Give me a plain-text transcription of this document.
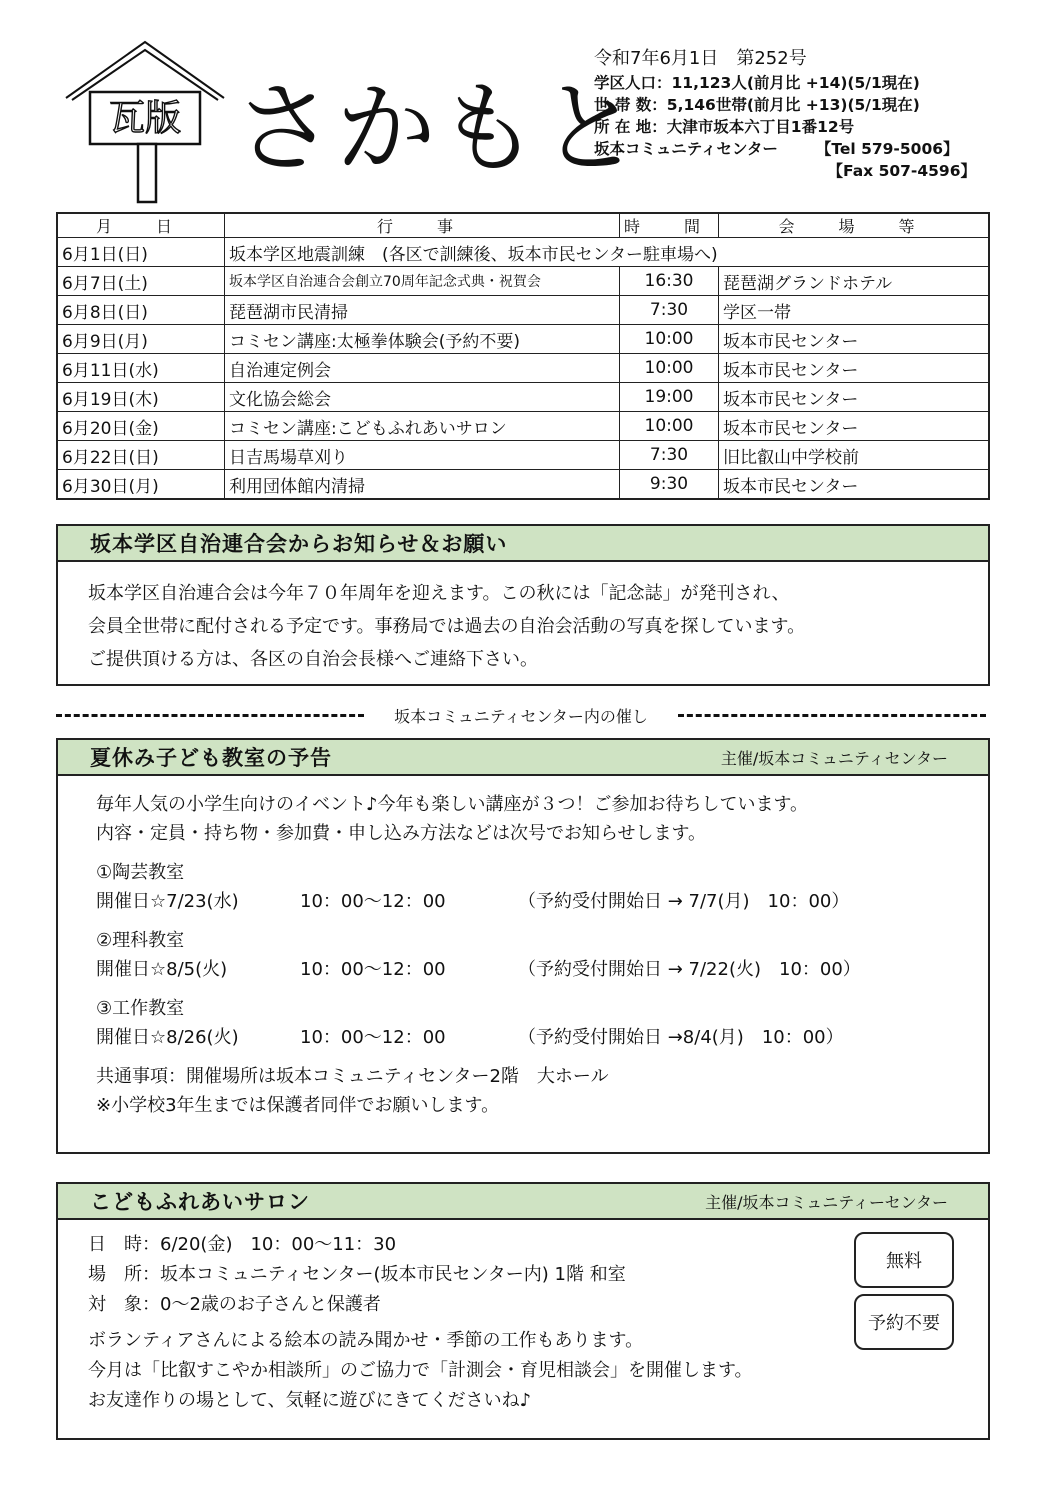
瓦版 さかもと
令和7年6月1日　第252号
学区人口：11,123人(前月比 +14)(5/1現在)
世 帯 数：5,146世帯(前月比 +13)(5/1現在)
所 在 地：大津市坂本六丁目1番12号
坂本コミュニティセンター 【Tel 579-5006】
【Fax 507-4596】
月　日	行　事	時　間	会　場　等
6月1日(日)	坂本学区地震訓練　(各区で訓練後、坂本市民センター駐車場へ)		
6月7日(土)	坂本学区自治連合会創立70周年記念式典・祝賀会	16:30	琵琶湖グランドホテル
6月8日(日)	琵琶湖市民清掃	7:30	学区一帯
6月9日(月)	コミセン講座:太極拳体験会(予約不要)	10:00	坂本市民センター
6月11日(水)	自治連定例会	10:00	坂本市民センター
6月19日(木)	文化協会総会	19:00	坂本市民センター
6月20日(金)	コミセン講座:こどもふれあいサロン	10:00	坂本市民センター
6月22日(日)	日吉馬場草刈り	7:30	旧比叡山中学校前
6月30日(月)	利用団体館内清掃	9:30	坂本市民センター
坂本学区自治連合会からお知らせ＆お願い

坂本学区自治連合会は今年７０年周年を迎えます。この秋には「記念誌」が発刊され、

会員全世帯に配付される予定です。事務局では過去の自治会活動の写真を探しています。

ご提供頂ける方は、各区の自治会長様へご連絡下さい。

坂本コミュニティセンター内の催し
夏休み子ども教室の予告	主催/坂本コミュニティセンター
毎年人気の小学生向けのイベント♪今年も楽しい講座が３つ！ご参加お待ちしています。
内容・定員・持ち物・参加費・申し込み方法などは次号でお知らせします。
①陶芸教室
開催日☆7/23(水)	10：00～12：00	（予約受付開始日 → 7/7(月)　10：00）
②理科教室
開催日☆8/5(火)	10：00～12：00	（予約受付開始日 → 7/22(火)　10：00）
③工作教室
開催日☆8/26(火)	10：00～12：00	（予約受付開始日 →8/4(月)　10：00）
共通事項：開催場所は坂本コミュニティセンター2階　大ホール
※小学校3年生までは保護者同伴でお願いします。
こどもふれあいサロン	主催/坂本コミュニティーセンター

日　時：6/20(金)　10：00～11：30

場　所：坂本コミュニティセンター(坂本市民センター内) 1階 和室

対　象：0～2歳のお子さんと保護者

ボランティアさんによる絵本の読み聞かせ・季節の工作もあります。

今月は「比叡すこやか相談所」のご協力で「計測会・育児相談会」を開催します。

お友達作りの場として、気軽に遊びにきてくださいね♪

無料
予約不要
